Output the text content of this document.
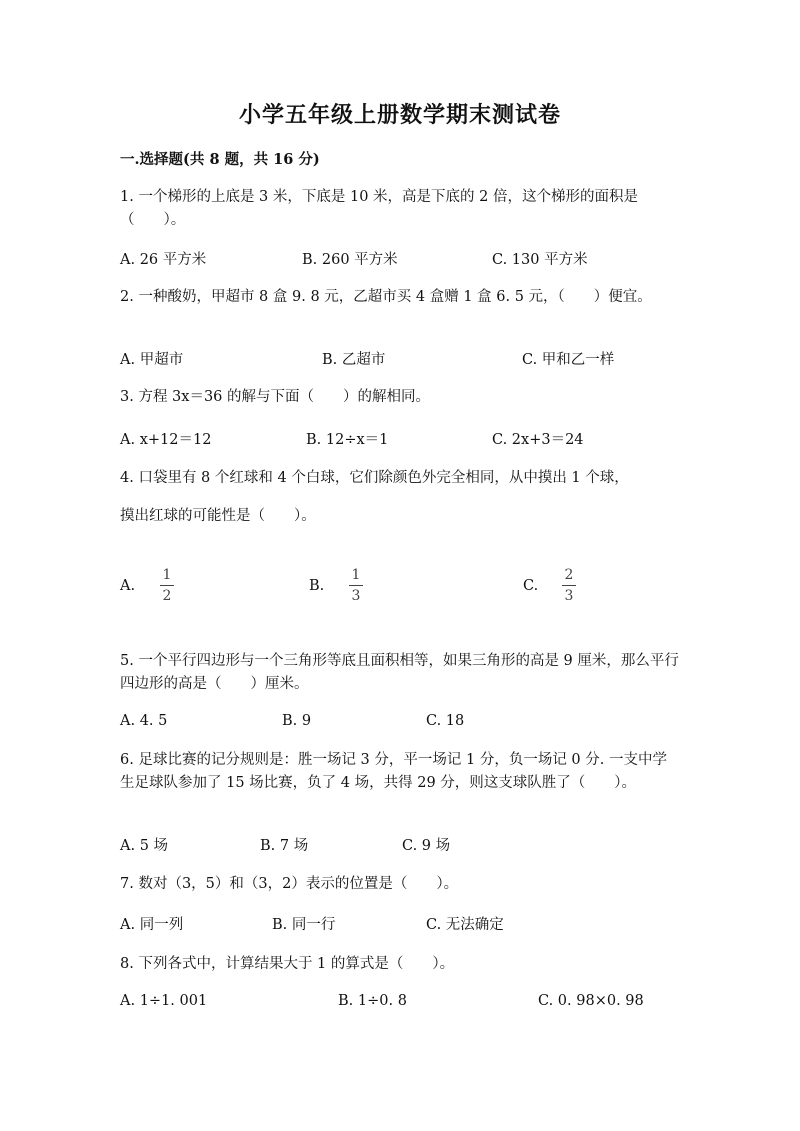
小学五年级上册数学期末测试卷
一.选择题(共 8 题，共 16 分)
1. 一个梯形的上底是 3 米，下底是 10 米，高是下底的 2 倍，这个梯形的面积是（　　）。
A. 26 平方米	B. 260 平方米	C. 130 平方米
2. 一种酸奶，甲超市 8 盒 9. 8 元，乙超市买 4 盒赠 1 盒 6. 5 元，（　　）便宜。
A. 甲超市	B. 乙超市	C. 甲和乙一样
3. 方程 3x＝36 的解与下面（　　）的解相同。
A. x+12＝12	B. 12÷x＝1	C. 2x+3＝24
4. 口袋里有 8 个红球和 4 个白球，它们除颜色外完全相同，从中摸出 1 个球，
摸出红球的可能性是（　　）。
A.
1
2
B.
1
3
C.
2
3
5. 一个平行四边形与一个三角形等底且面积相等，如果三角形的高是 9 厘米，那么平行四边形的高是（　　）厘米。
A. 4. 5	B. 9	C. 18
6. 足球比赛的记分规则是：胜一场记 3 分，平一场记 1 分，负一场记 0 分. 一支中学生足球队参加了 15 场比赛，负了 4 场，共得 29 分，则这支球队胜了（　　）。
A. 5 场	B. 7 场	C. 9 场
7. 数对（3，5）和（3，2）表示的位置是（　　）。
A. 同一列	B. 同一行	C. 无法确定
8. 下列各式中，计算结果大于 1 的算式是（　　）。
A. 1÷1. 001	B. 1÷0. 8	C. 0. 98×0. 98
